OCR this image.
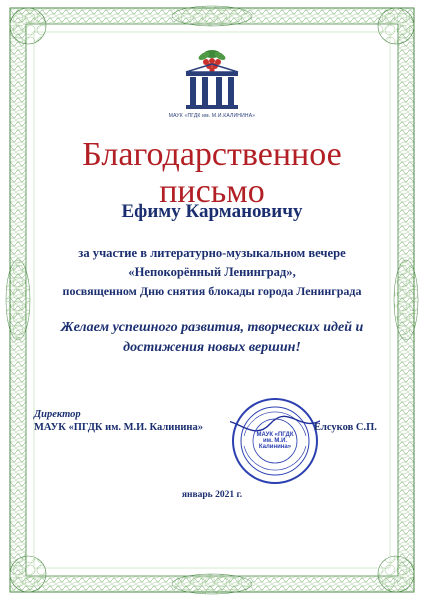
МАУК «ПГДК им. М.И.КАЛИНИНА»
Благодарственное
письмо
Ефиму Кармановичу
за участие в литературно-музыкальном вечере
«Непокорённый Ленинград»,
посвященном Дню снятия блокады города Ленинграда
Желаем успешного развития, творческих идей и
достижения новых вершин!
Директор
МАУК «ПГДК им. М.И. Калинина»
МАУК «ПГДК им. М.И. Калинина»
Елсуков С.П.
январь 2021 г.
